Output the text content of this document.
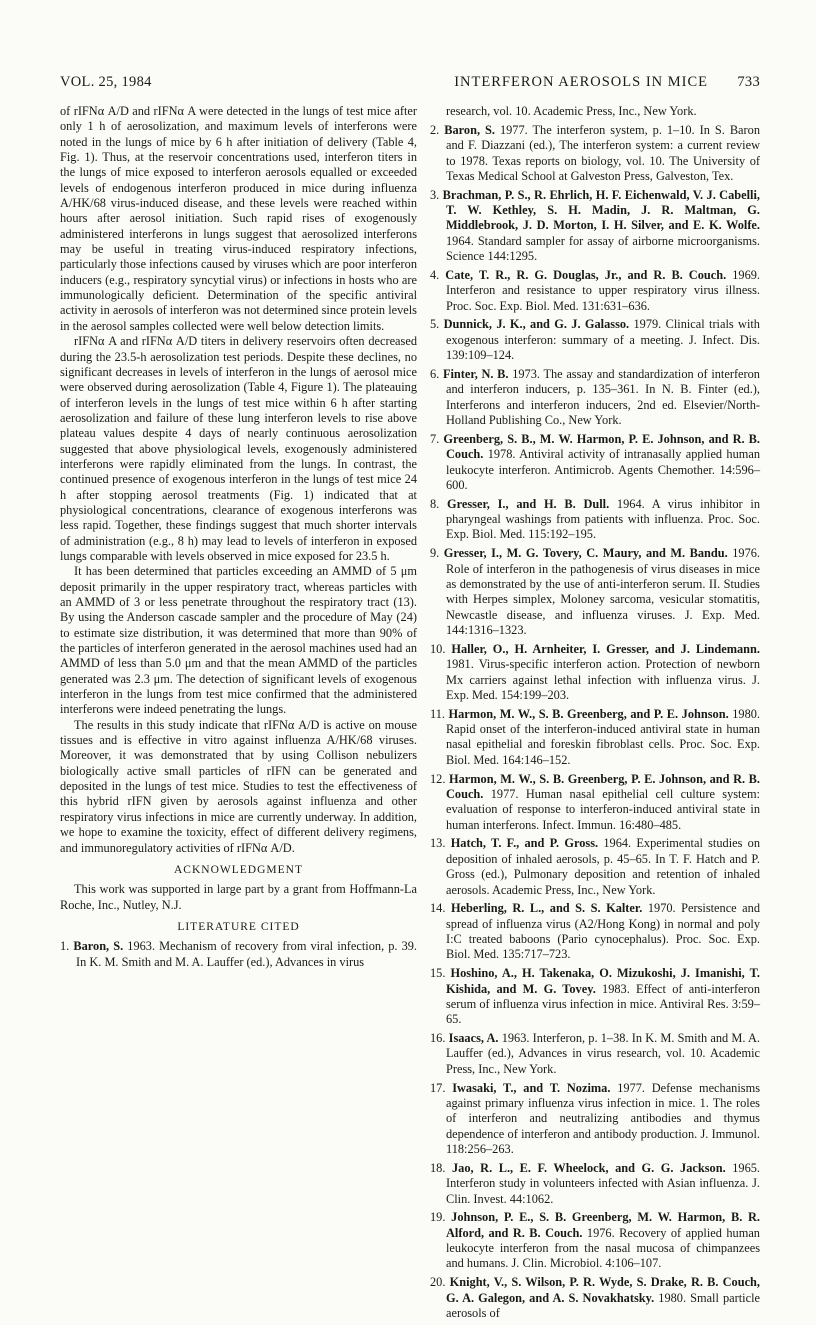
VOL. 25, 1984	INTERFERON AEROSOLS IN MICE 733

of rIFNα A/D and rIFNα A were detected in the lungs of test mice after only 1 h of aerosolization, and maximum levels of interferons were noted in the lungs of mice by 6 h after initiation of delivery (Table 4, Fig. 1). Thus, at the reservoir concentrations used, interferon titers in the lungs of mice exposed to interferon aerosols equalled or exceeded levels of endogenous interferon produced in mice during influenza A/HK/68 virus-induced disease, and these levels were reached within hours after aerosol initiation. Such rapid rises of exogenously administered interferons in lungs suggest that aerosolized interferons may be useful in treating virus-induced respiratory infections, particularly those infections caused by viruses which are poor interferon inducers (e.g., respiratory syncytial virus) or infections in hosts who are immunologically deficient. Determination of the specific antiviral activity in aerosols of interferon was not determined since protein levels in the aerosol samples collected were well below detection limits.

rIFNα A and rIFNα A/D titers in delivery reservoirs often decreased during the 23.5-h aerosolization test periods. Despite these declines, no significant decreases in levels of interferon in the lungs of aerosol mice were observed during aerosolization (Table 4, Figure 1). The plateauing of interferon levels in the lungs of test mice within 6 h after starting aerosolization and failure of these lung interferon levels to rise above plateau values despite 4 days of nearly continuous aerosolization suggested that above physiological levels, exogenously administered interferons were rapidly eliminated from the lungs. In contrast, the continued presence of exogenous interferon in the lungs of test mice 24 h after stopping aerosol treatments (Fig. 1) indicated that at physiological concentrations, clearance of exogenous interferons was less rapid. Together, these findings suggest that much shorter intervals of administration (e.g., 8 h) may lead to levels of interferon in exposed lungs comparable with levels observed in mice exposed for 23.5 h.

It has been determined that particles exceeding an AMMD of 5 μm deposit primarily in the upper respiratory tract, whereas particles with an AMMD of 3 or less penetrate throughout the respiratory tract (13). By using the Anderson cascade sampler and the procedure of May (24) to estimate size distribution, it was determined that more than 90% of the particles of interferon generated in the aerosol machines used had an AMMD of less than 5.0 μm and that the mean AMMD of the particles generated was 2.3 μm. The detection of significant levels of exogenous interferon in the lungs from test mice confirmed that the administered interferons were indeed penetrating the lungs.

The results in this study indicate that rIFNα A/D is active on mouse tissues and is effective in vitro against influenza A/HK/68 viruses. Moreover, it was demonstrated that by using Collison nebulizers biologically active small particles of rIFN can be generated and deposited in the lungs of test mice. Studies to test the effectiveness of this hybrid rIFN given by aerosols against influenza and other respiratory virus infections in mice are currently underway. In addition, we hope to examine the toxicity, effect of different delivery regimens, and immunoregulatory activities of rIFNα A/D.

ACKNOWLEDGMENT

This work was supported in large part by a grant from Hoffmann-La Roche, Inc., Nutley, N.J.

LITERATURE CITED

1. Baron, S. 1963. Mechanism of recovery from viral infection, p. 39. In K. M. Smith and M. A. Lauffer (ed.), Advances in virus

research, vol. 10. Academic Press, Inc., New York.

2. Baron, S. 1977. The interferon system, p. 1–10. In S. Baron and F. Diazzani (ed.), The interferon system: a current review to 1978. Texas reports on biology, vol. 10. The University of Texas Medical School at Galveston Press, Galveston, Tex.

3. Brachman, P. S., R. Ehrlich, H. F. Eichenwald, V. J. Cabelli, T. W. Kethley, S. H. Madin, J. R. Maltman, G. Middlebrook, J. D. Morton, I. H. Silver, and E. K. Wolfe. 1964. Standard sampler for assay of airborne microorganisms. Science 144:1295.

4. Cate, T. R., R. G. Douglas, Jr., and R. B. Couch. 1969. Interferon and resistance to upper respiratory virus illness. Proc. Soc. Exp. Biol. Med. 131:631–636.

5. Dunnick, J. K., and G. J. Galasso. 1979. Clinical trials with exogenous interferon: summary of a meeting. J. Infect. Dis. 139:109–124.

6. Finter, N. B. 1973. The assay and standardization of interferon and interferon inducers, p. 135–361. In N. B. Finter (ed.), Interferons and interferon inducers, 2nd ed. Elsevier/North-Holland Publishing Co., New York.

7. Greenberg, S. B., M. W. Harmon, P. E. Johnson, and R. B. Couch. 1978. Antiviral activity of intranasally applied human leukocyte interferon. Antimicrob. Agents Chemother. 14:596–600.

8. Gresser, I., and H. B. Dull. 1964. A virus inhibitor in pharyngeal washings from patients with influenza. Proc. Soc. Exp. Biol. Med. 115:192–195.

9. Gresser, I., M. G. Tovery, C. Maury, and M. Bandu. 1976. Role of interferon in the pathogenesis of virus diseases in mice as demonstrated by the use of anti-interferon serum. II. Studies with Herpes simplex, Moloney sarcoma, vesicular stomatitis, Newcastle disease, and influenza viruses. J. Exp. Med. 144:1316–1323.

10. Haller, O., H. Arnheiter, I. Gresser, and J. Lindemann. 1981. Virus-specific interferon action. Protection of newborn Mx carriers against lethal infection with influenza virus. J. Exp. Med. 154:199–203.

11. Harmon, M. W., S. B. Greenberg, and P. E. Johnson. 1980. Rapid onset of the interferon-induced antiviral state in human nasal epithelial and foreskin fibroblast cells. Proc. Soc. Exp. Biol. Med. 164:146–152.

12. Harmon, M. W., S. B. Greenberg, P. E. Johnson, and R. B. Couch. 1977. Human nasal epithelial cell culture system: evaluation of response to interferon-induced antiviral state in human interferons. Infect. Immun. 16:480–485.

13. Hatch, T. F., and P. Gross. 1964. Experimental studies on deposition of inhaled aerosols, p. 45–65. In T. F. Hatch and P. Gross (ed.), Pulmonary deposition and retention of inhaled aerosols. Academic Press, Inc., New York.

14. Heberling, R. L., and S. S. Kalter. 1970. Persistence and spread of influenza virus (A2/Hong Kong) in normal and poly I:C treated baboons (Pario cynocephalus). Proc. Soc. Exp. Biol. Med. 135:717–723.

15. Hoshino, A., H. Takenaka, O. Mizukoshi, J. Imanishi, T. Kishida, and M. G. Tovey. 1983. Effect of anti-interferon serum of influenza virus infection in mice. Antiviral Res. 3:59–65.

16. Isaacs, A. 1963. Interferon, p. 1–38. In K. M. Smith and M. A. Lauffer (ed.), Advances in virus research, vol. 10. Academic Press, Inc., New York.

17. Iwasaki, T., and T. Nozima. 1977. Defense mechanisms against primary influenza virus infection in mice. 1. The roles of interferon and neutralizing antibodies and thymus dependence of interferon and antibody production. J. Immunol. 118:256–263.

18. Jao, R. L., E. F. Wheelock, and G. G. Jackson. 1965. Interferon study in volunteers infected with Asian influenza. J. Clin. Invest. 44:1062.

19. Johnson, P. E., S. B. Greenberg, M. W. Harmon, B. R. Alford, and R. B. Couch. 1976. Recovery of applied human leukocyte interferon from the nasal mucosa of chimpanzees and humans. J. Clin. Microbiol. 4:106–107.

20. Knight, V., S. Wilson, P. R. Wyde, S. Drake, R. B. Couch, G. A. Galegon, and A. S. Novakhatsky. 1980. Small particle aerosols of
